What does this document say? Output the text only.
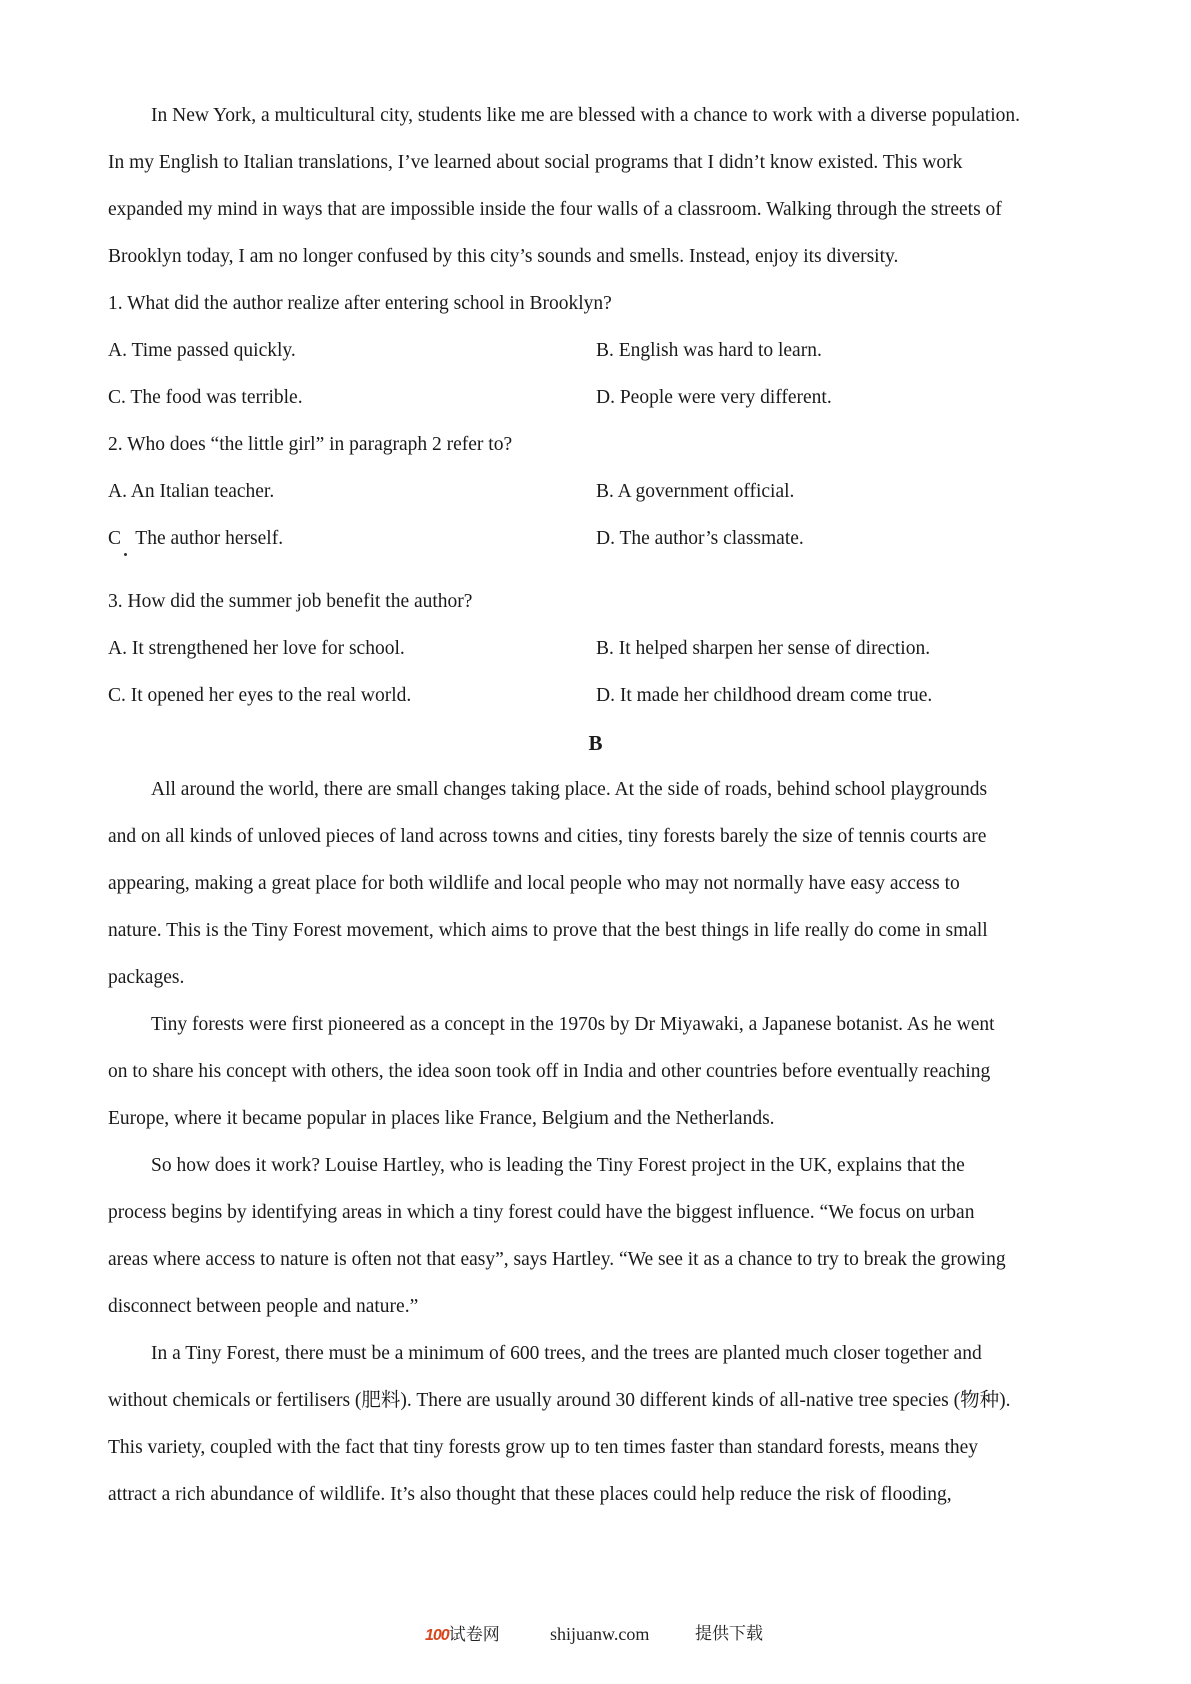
In New York, a multicultural city, students like me are blessed with a chance to work with a diverse population.
In my English to Italian translations, I’ve learned about social programs that I didn’t know existed. This work
expanded my mind in ways that are impossible inside the four walls of a classroom. Walking through the streets of
Brooklyn today, I am no longer confused by this city’s sounds and smells. Instead, enjoy its diversity.
1. What did the author realize after entering school in Brooklyn?
A. Time passed quickly.	B. English was hard to learn.
C. The food was terrible.	D. People were very different.
2. Who does “the little girl” in paragraph 2 refer to?
A. An Italian teacher.	B. A government official.
C   The author herself.	D. The author’s classmate.
3. How did the summer job benefit the author?
A. It strengthened her love for school.	B. It helped sharpen her sense of direction.
C. It opened her eyes to the real world.	D. It made her childhood dream come true.
B
All around the world, there are small changes taking place. At the side of roads, behind school playgrounds
and on all kinds of unloved pieces of land across towns and cities, tiny forests barely the size of tennis courts are
appearing, making a great place for both wildlife and local people who may not normally have easy access to
nature. This is the Tiny Forest movement, which aims to prove that the best things in life really do come in small
packages.
Tiny forests were first pioneered as a concept in the 1970s by Dr Miyawaki, a Japanese botanist. As he went
on to share his concept with others, the idea soon took off in India and other countries before eventually reaching
Europe, where it became popular in places like France, Belgium and the Netherlands.
So how does it work? Louise Hartley, who is leading the Tiny Forest project in the UK, explains that the
process begins by identifying areas in which a tiny forest could have the biggest influence. “We focus on urban
areas where access to nature is often not that easy”, says Hartley. “We see it as a chance to try to break the growing
disconnect between people and nature.”
In a Tiny Forest, there must be a minimum of 600 trees, and the trees are planted much closer together and
without chemicals or fertilisers (肥料). There are usually around 30 different kinds of all-native tree species (物种).
This variety, coupled with the fact that tiny forests grow up to ten times faster than standard forests, means they
attract a rich abundance of wildlife. It’s also thought that these places could help reduce the risk of flooding,
100试卷网	shijuanw.com	提供下载
